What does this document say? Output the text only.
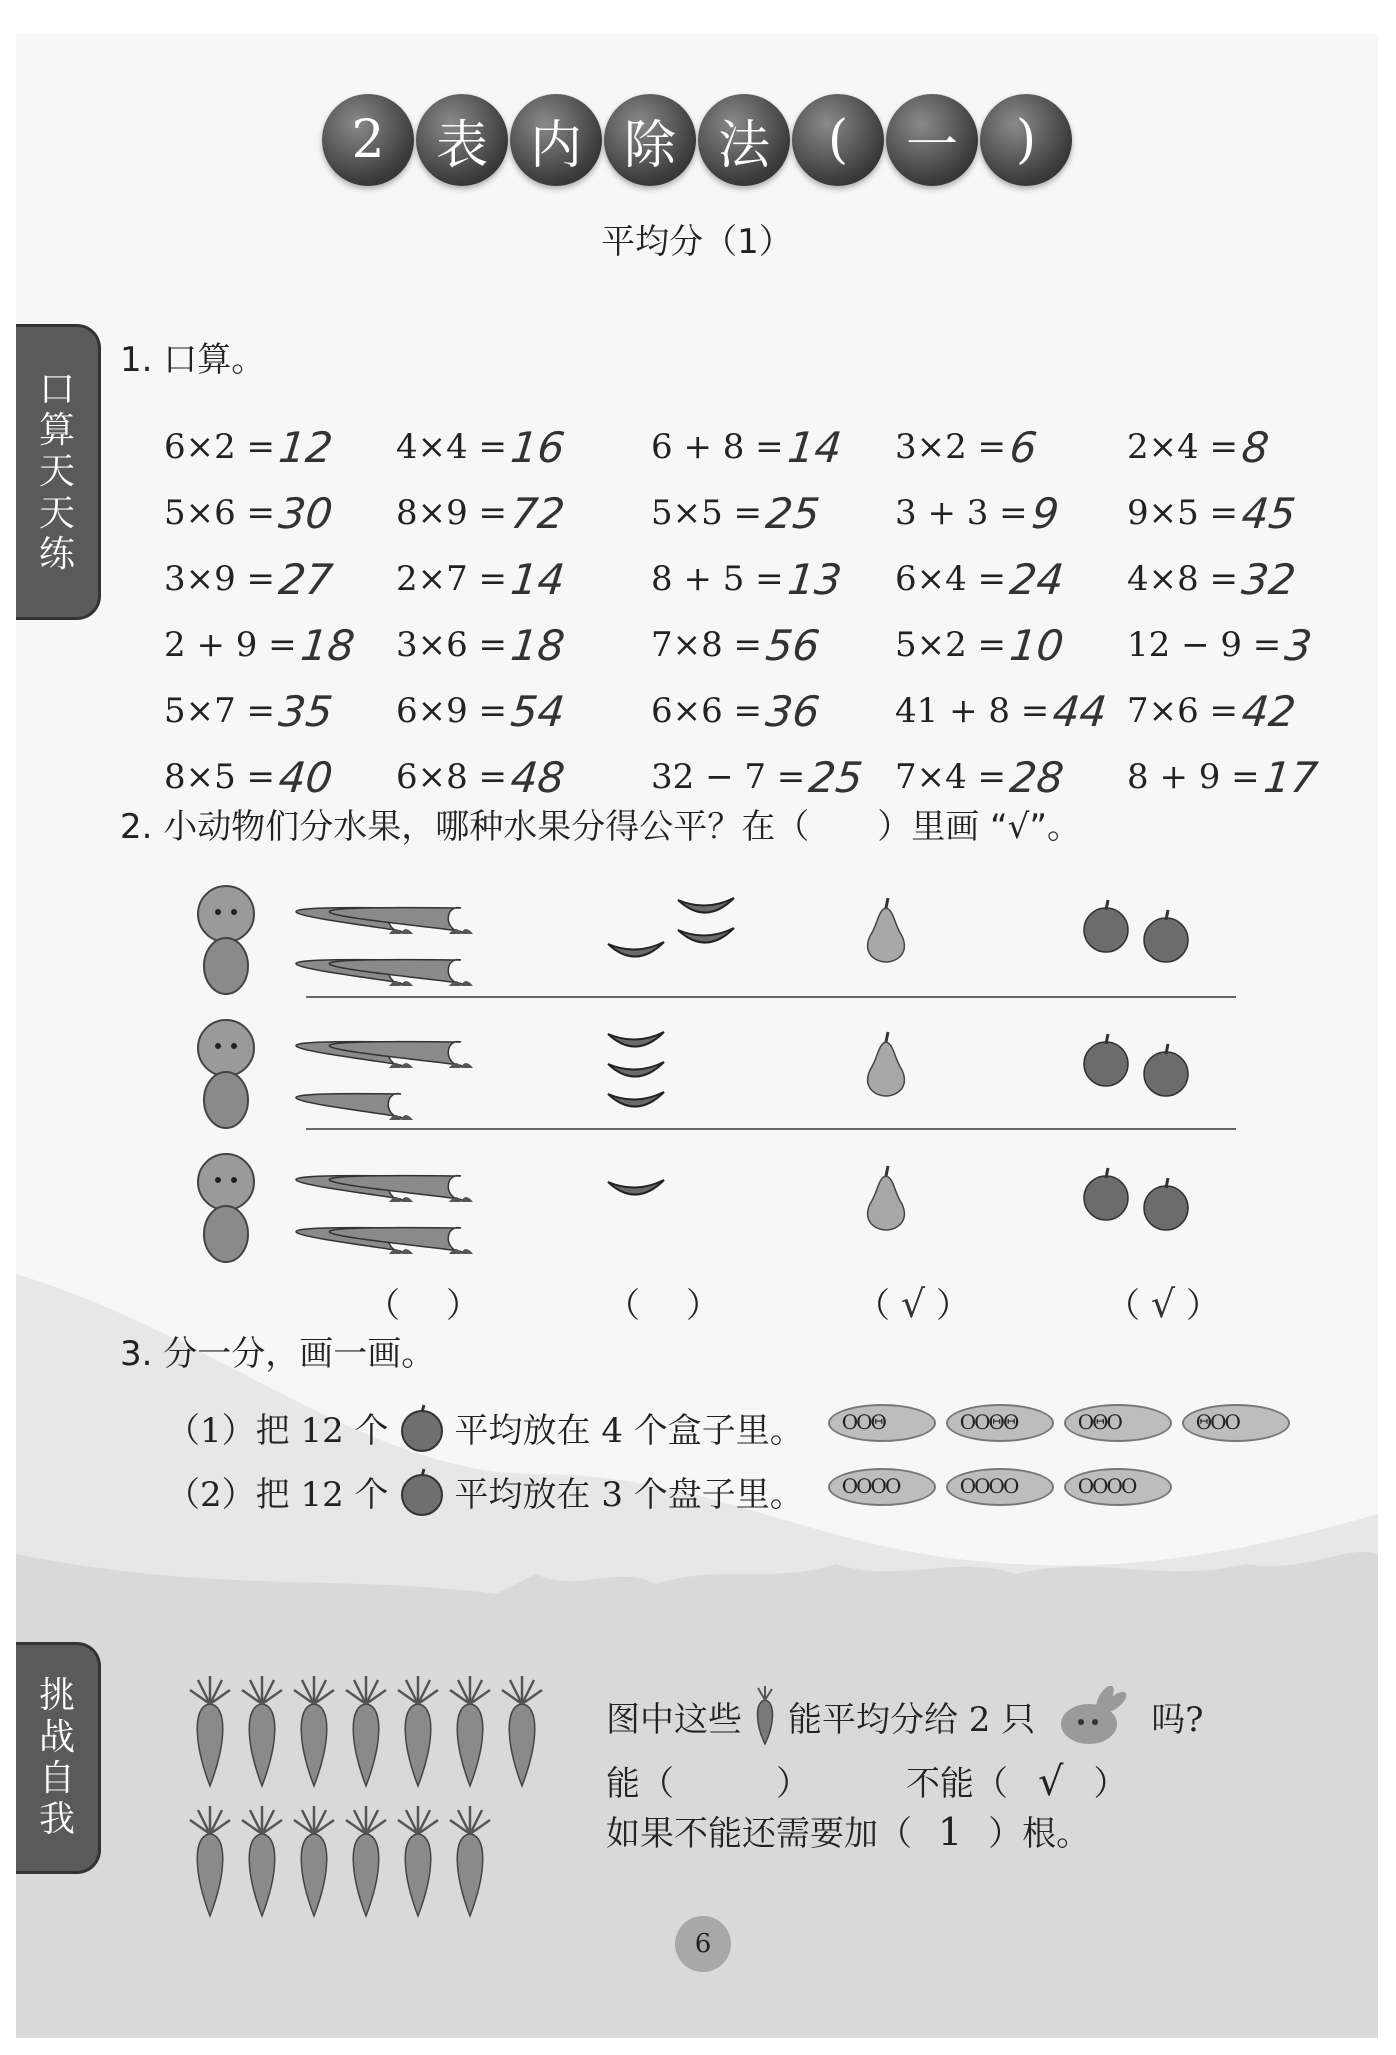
2 表 内 除 法	(	一	)
平均分（1）
口
算
天
天
练
1. 口算。
6×2 = 12 4×4 = 16 6 + 8 = 14 3×2 = 6	2×4 = 8
5×6 = 30 8×9 = 72 5×5 = 25 3 + 3 = 9 9×5 = 45
3×9 = 27 2×7 = 14 8 + 5 = 13 6×4 = 24 4×8 = 32
2 + 9 = 18 3×6 = 18 7×8 = 56 5×2 = 10 12 − 9 = 3
5×7 = 35 6×9 = 54 6×6 = 36 41 + 8 = 44 7×6 = 42
8×5 = 40 6×8 = 48 32 − 7 = 25 7×4 = 28 8 + 9 = 17
2. 小动物们分水果，哪种水果分得公平？在（　　）里画 “√”。
（ ）	（ ）	（ √ ）	（ √ ）
3. 分一分，画一画。
（1）把 12 个 平均放在 4 个盒子里。 ΟΟΘ	ΟΟΘΘ	ΟΘΟ	ΘΟΟ
（2）把 12 个 平均放在 3 个盘子里。 ΟΟΟΟ	ΟΟΟΟ	ΟΟΟΟ
挑
战
自
我
图中这些 能平均分给 2 只	吗?
能（　　　）	不能（ √ ）
如果不能还需要加（ 1 ）根。
6
